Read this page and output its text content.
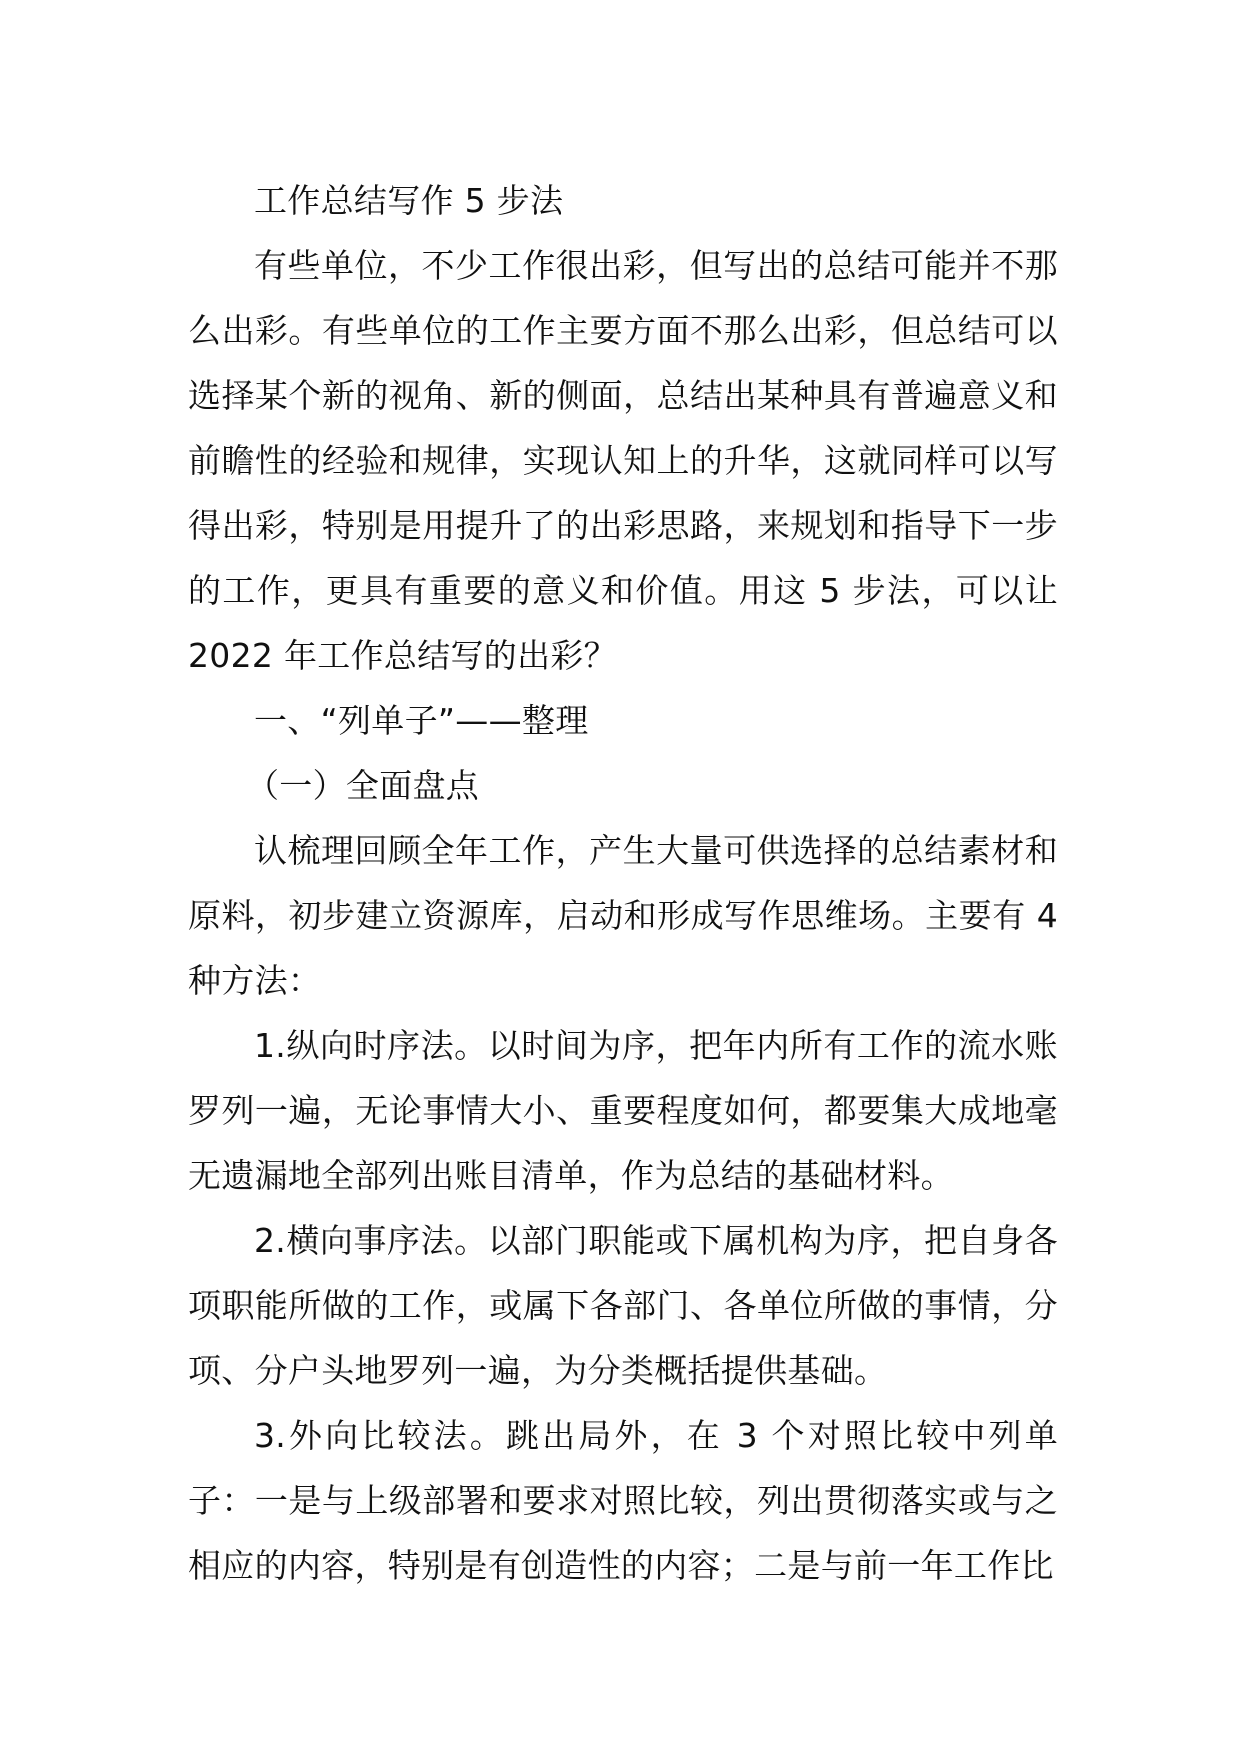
工作总结写作 5 步法

有些单位，不少工作很出彩，但写出的总结可能并不那么出彩。有些单位的工作主要方面不那么出彩，但总结可以选择某个新的视角、新的侧面，总结出某种具有普遍意义和前瞻性的经验和规律，实现认知上的升华，这就同样可以写得出彩，特别是用提升了的出彩思路，来规划和指导下一步的工作，更具有重要的意义和价值。用这 5 步法，可以让 2022 年工作总结写的出彩？

一、“列单子”——整理

（一）全面盘点

认梳理回顾全年工作，产生大量可供选择的总结素材和原料，初步建立资源库，启动和形成写作思维场。主要有 4 种方法：

1.纵向时序法。以时间为序，把年内所有工作的流水账罗列一遍，无论事情大小、重要程度如何，都要集大成地毫无遗漏地全部列出账目清单，作为总结的基础材料。

2.横向事序法。以部门职能或下属机构为序，把自身各项职能所做的工作，或属下各部门、各单位所做的事情，分项、分户头地罗列一遍，为分类概括提供基础。

3.外向比较法。跳出局外，在 3 个对照比较中列单子：一是与上级部署和要求对照比较，列出贯彻落实或与之相应的内容，特别是有创造性的内容；二是与前一年工作比
